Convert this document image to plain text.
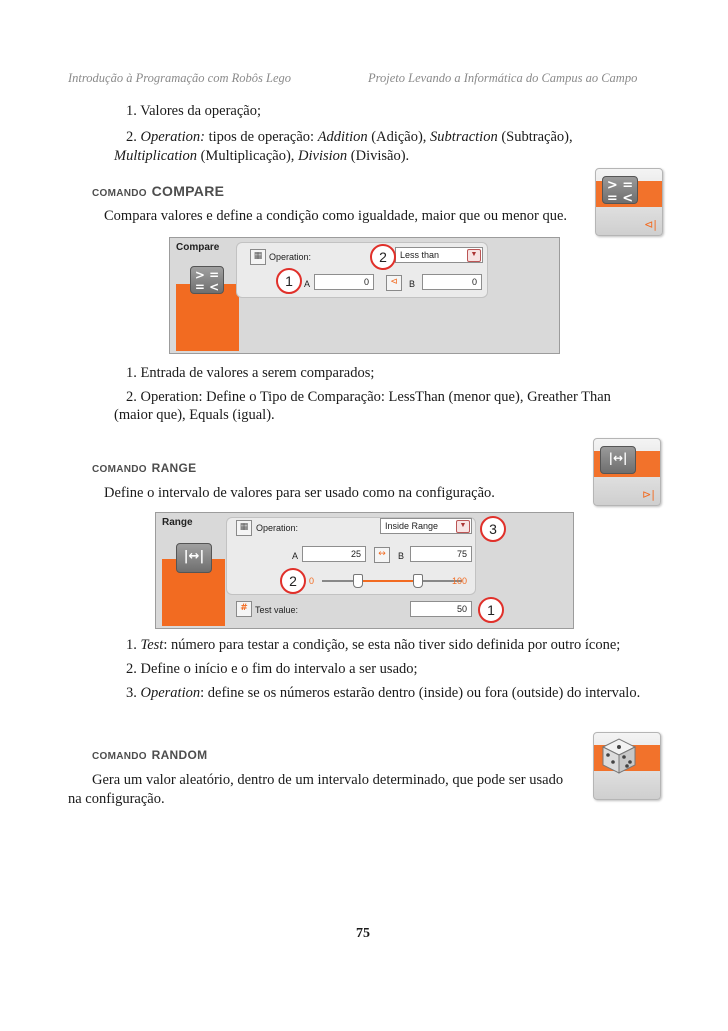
Introdução à Programação com Robôs Lego	Projeto Levando a Informática do Campus ao Campo
1. Valores da operação;
2. Operation: tipos de operação: Addition (Adição), Subtraction (Subtração),
Multiplication (Multiplicação), Division (Divisão).
COMANDO COMPARE
Compara valores e define a condição como igualdade, maior que ou menor que.
> =
= <
⊲|
Compare
> =
= <
▦ Operation:	Less than	▼
2
1	A	0	⊲	B	0
1. Entrada de valores a serem comparados;
2. Operation: Define o Tipo de Comparação: LessThan (menor que), Greather Than
(maior que), Equals (igual).
COMANDO RANGE
Define o intervalo de valores para ser usado como na configuração.
|↔|
⊳|
Range
|↔|
▦ Operation:	Inside Range	▼	3
A	25	↔	B	75
2	0	100
# Test value:	50	1
1. Test: número para testar a condição, se esta não tiver sido definida por outro ícone;
2. Define o início e o fim do intervalo a ser usado;
3. Operation: define se os números estarão dentro (inside) ou fora (outside) do intervalo.
COMANDO RANDOM
Gera um valor aleatório, dentro de um intervalo determinado, que pode ser usado
na configuração.
75
